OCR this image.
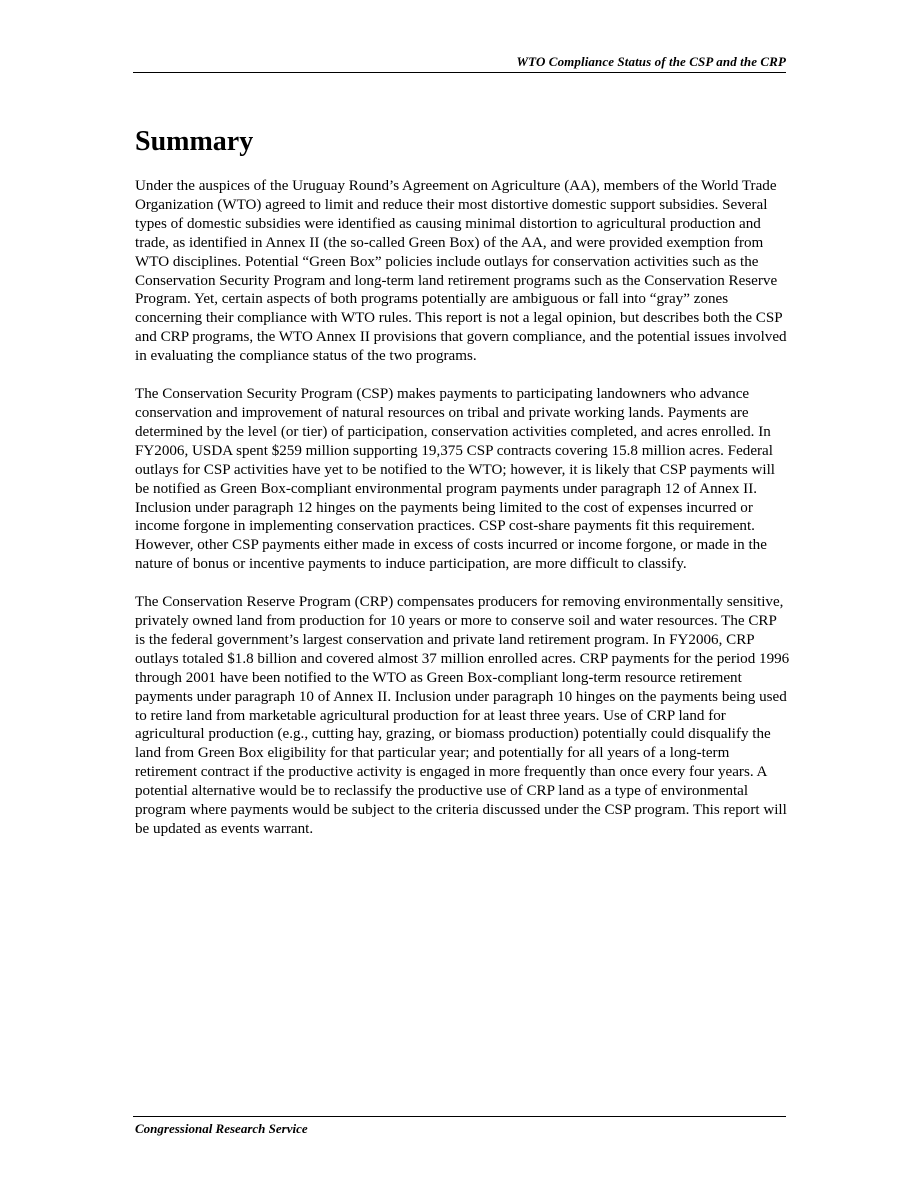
WTO Compliance Status of the CSP and the CRP
Summary

Under the auspices of the Uruguay Round’s Agreement on Agriculture (AA), members of the World Trade Organization (WTO) agreed to limit and reduce their most distortive domestic support subsidies. Several types of domestic subsidies were identified as causing minimal distortion to agricultural production and trade, as identified in Annex II (the so-called Green Box) of the AA, and were provided exemption from WTO disciplines. Potential “Green Box” policies include outlays for conservation activities such as the Conservation Security Program and long-term land retirement programs such as the Conservation Reserve Program. Yet, certain aspects of both programs potentially are ambiguous or fall into “gray” zones concerning their compliance with WTO rules. This report is not a legal opinion, but describes both the CSP and CRP programs, the WTO Annex II provisions that govern compliance, and the potential issues involved in evaluating the compliance status of the two programs.

The Conservation Security Program (CSP) makes payments to participating landowners who advance conservation and improvement of natural resources on tribal and private working lands. Payments are determined by the level (or tier) of participation, conservation activities completed, and acres enrolled. In FY2006, USDA spent $259 million supporting 19,375 CSP contracts covering 15.8 million acres. Federal outlays for CSP activities have yet to be notified to the WTO; however, it is likely that CSP payments will be notified as Green Box-compliant environmental program payments under paragraph 12 of Annex II. Inclusion under paragraph 12 hinges on the payments being limited to the cost of expenses incurred or income forgone in implementing conservation practices. CSP cost-share payments fit this requirement. However, other CSP payments either made in excess of costs incurred or income forgone, or made in the nature of bonus or incentive payments to induce participation, are more difficult to classify.

The Conservation Reserve Program (CRP) compensates producers for removing environmentally sensitive, privately owned land from production for 10 years or more to conserve soil and water resources. The CRP is the federal government’s largest conservation and private land retirement program. In FY2006, CRP outlays totaled $1.8 billion and covered almost 37 million enrolled acres. CRP payments for the period 1996 through 2001 have been notified to the WTO as Green Box-compliant long-term resource retirement payments under paragraph 10 of Annex II. Inclusion under paragraph 10 hinges on the payments being used to retire land from marketable agricultural production for at least three years. Use of CRP land for agricultural production (e.g., cutting hay, grazing, or biomass production) potentially could disqualify the land from Green Box eligibility for that particular year; and potentially for all years of a long-term retirement contract if the productive activity is engaged in more frequently than once every four years. A potential alternative would be to reclassify the productive use of CRP land as a type of environmental program where payments would be subject to the criteria discussed under the CSP program. This report will be updated as events warrant.

Congressional Research Service
